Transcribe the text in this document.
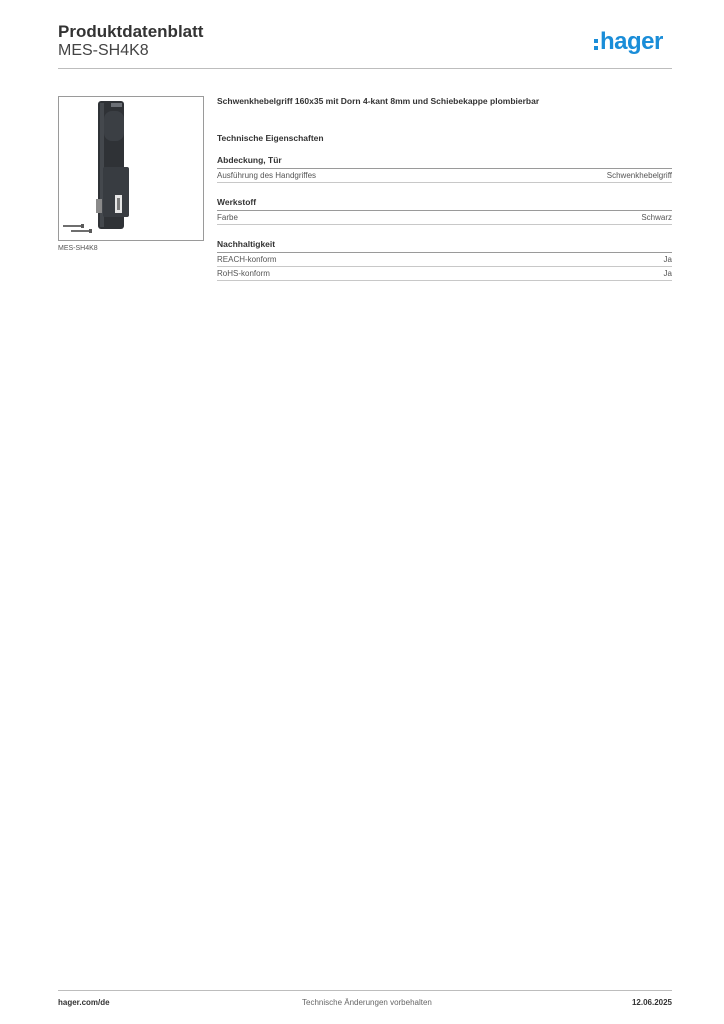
Produktdatenblatt
MES-SH4K8	hager
MES-SH4K8

Schwenkhebelgriff 160x35 mit Dorn 4-kant 8mm und Schiebekappe plombierbar

Technische Eigenschaften
Abdeckung, Tür
Ausführung des Handgriffes	Schwenkhebelgriff
Werkstoff
Farbe	Schwarz
Nachhaltigkeit
REACH-konform	Ja
RoHS-konform	Ja
hager.com/de	Technische Änderungen vorbehalten	12.06.2025
